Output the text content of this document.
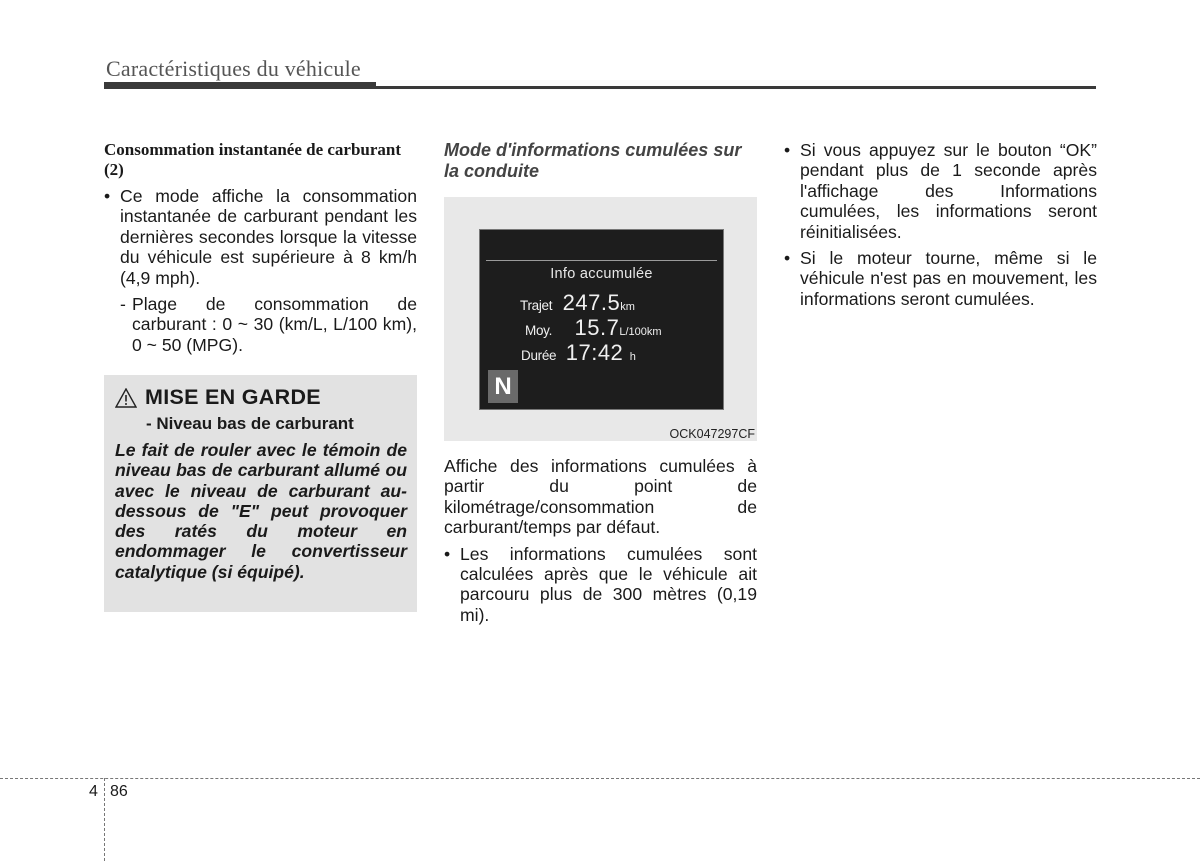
Caractéristiques du véhicule
Consommation instantanée de carburant (2)
• Ce mode affiche la consommation instantanée de carburant pendant les dernières secondes lorsque la vitesse du véhicule est supérieure à 8 km/h (4,9 mph).
- Plage de consommation de carburant : 0 ~ 30 (km/L, L/100 km), 0 ~ 50 (MPG).
MISE EN GARDE
- Niveau bas de carburant
Le fait de rouler avec le témoin de niveau bas de carburant allumé ou avec le niveau de carburant au-dessous de "E" peut provoquer des ratés du moteur en endommager le convertisseur catalytique (si équipé).
Mode d'informations cumulées sur la conduite
Info accumulée
Trajet 247.5km
Moy. 15.7L/100km
Durée 17:42 h
N
OCK047297CF
Affiche des informations cumulées à partir du point de kilométrage/consommation de carburant/temps par défaut.
• Les informations cumulées sont calculées après que le véhicule ait parcouru plus de 300 mètres (0,19 mi).
• Si vous appuyez sur le bouton “OK” pendant plus de 1 seconde après l'affichage des Informations cumulées, les informations seront réinitialisées.
• Si le moteur tourne, même si le véhicule n'est pas en mouvement, les informations seront cumulées.
4 86
